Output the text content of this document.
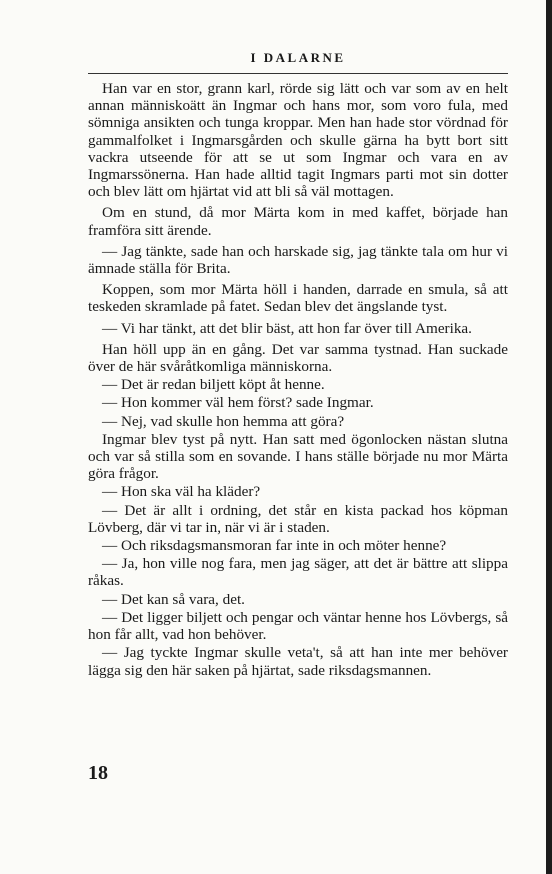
I DALARNE

Han var en stor, grann karl, rörde sig lätt och var som av en helt annan människoätt än Ingmar och hans mor, som voro fula, med sömniga ansikten och tunga kroppar. Men han hade stor vördnad för gammalfolket i Ingmarsgården och skulle gärna ha bytt bort sitt vackra utseende för att se ut som Ingmar och vara en av Ingmarssönerna. Han hade alltid tagit Ingmars parti mot sin dotter och blev lätt om hjärtat vid att bli så väl mottagen.

Om en stund, då mor Märta kom in med kaffet, började han framföra sitt ärende.

— Jag tänkte, sade han och harskade sig, jag tänkte tala om hur vi ämnade ställa för Brita.

Koppen, som mor Märta höll i handen, darrade en smula, så att teskeden skramlade på fatet. Sedan blev det ängslande tyst.

— Vi har tänkt, att det blir bäst, att hon far över till Amerika.

Han höll upp än en gång. Det var samma tystnad. Han suckade över de här svåråtkomliga människorna.

— Det är redan biljett köpt åt henne.

— Hon kommer väl hem först? sade Ingmar.

— Nej, vad skulle hon hemma att göra?

Ingmar blev tyst på nytt. Han satt med ögonlocken nästan slutna och var så stilla som en sovande. I hans ställe började nu mor Märta göra frågor.

— Hon ska väl ha kläder?

— Det är allt i ordning, det står en kista packad hos köpman Lövberg, där vi tar in, när vi är i staden.

— Och riksdagsmansmoran far inte in och möter henne?

— Ja, hon ville nog fara, men jag säger, att det är bättre att slippa råkas.

— Det kan så vara, det.

— Det ligger biljett och pengar och väntar henne hos Lövbergs, så hon får allt, vad hon behöver.

— Jag tyckte Ingmar skulle veta't, så att han inte mer behöver lägga sig den här saken på hjärtat, sade riksdagsmannen.

18
